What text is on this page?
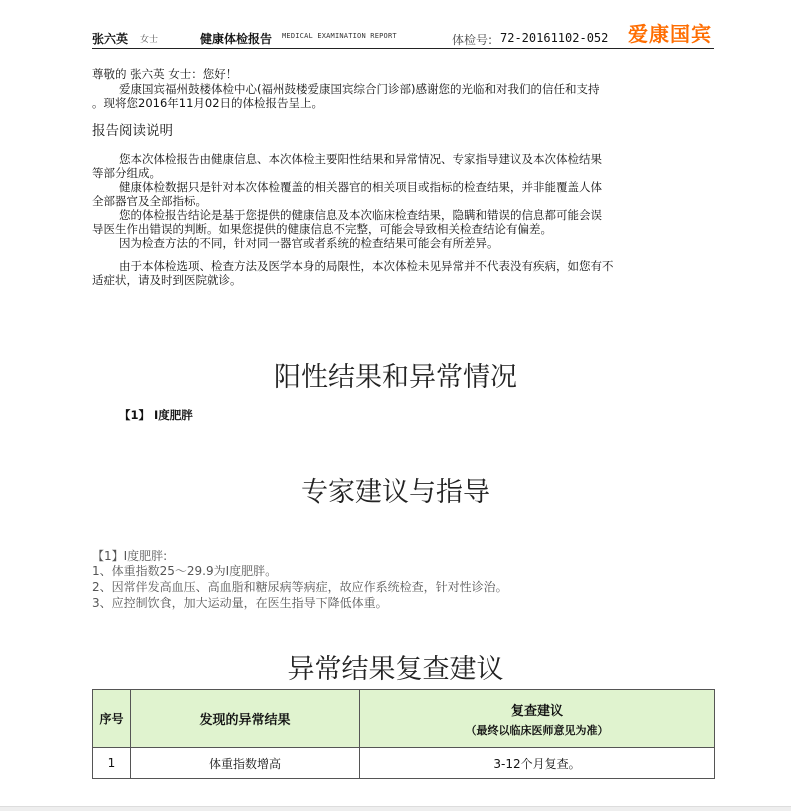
张六英 女士	健康体检报告 MEDICAL EXAMINATION REPORT	体检号: 72-20161102-052 爱康国宾
尊敬的 张六英 女士：您好！
爱康国宾福州鼓楼体检中心(福州鼓楼爱康国宾综合门诊部)感谢您的光临和对我们的信任和支持
。现将您2016年11月02日的体检报告呈上。
报告阅读说明
您本次体检报告由健康信息、本次体检主要阳性结果和异常情况、专家指导建议及本次体检结果
等部分组成。
健康体检数据只是针对本次体检覆盖的相关器官的相关项目或指标的检查结果，并非能覆盖人体
全部器官及全部指标。
您的体检报告结论是基于您提供的健康信息及本次临床检查结果，隐瞒和错误的信息都可能会误
导医生作出错误的判断。如果您提供的健康信息不完整，可能会导致相关检查结论有偏差。
因为检查方法的不同，针对同一器官或者系统的检查结果可能会有所差异。
由于本体检选项、检查方法及医学本身的局限性，本次体检未见异常并不代表没有疾病，如您有不
适症状，请及时到医院就诊。
阳性结果和异常情况
【1】 I度肥胖
专家建议与指导
【1】I度肥胖:
1、体重指数25～29.9为I度肥胖。
2、因常伴发高血压、高血脂和糖尿病等病症，故应作系统检查，针对性诊治。
3、应控制饮食，加大运动量，在医生指导下降低体重。
异常结果复查建议
序号	发现的异常结果	复查建议
（最终以临床医师意见为准）

1	体重指数增高	3-12个月复查。
